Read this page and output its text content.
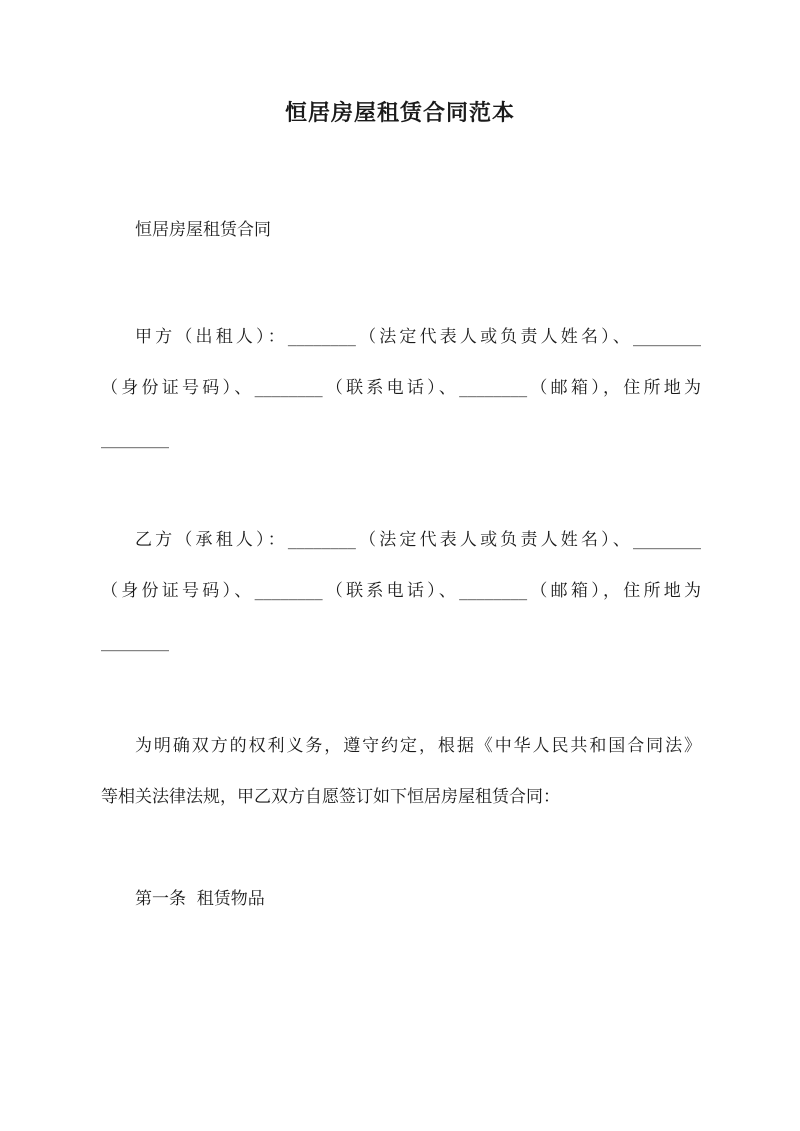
恒居房屋租赁合同范本
恒居房屋租赁合同
甲方（出租人）：________（法定代表人或负责人姓名）、________
（身份证号码）、________（联系电话）、________（邮箱），住所地为
________
乙方（承租人）：________（法定代表人或负责人姓名）、________
（身份证号码）、________（联系电话）、________（邮箱），住所地为
________
为明确双方的权利义务，遵守约定，根据《中华人民共和国合同法》
等相关法律法规，甲乙双方自愿签订如下恒居房屋租赁合同：
第一条  租赁物品
